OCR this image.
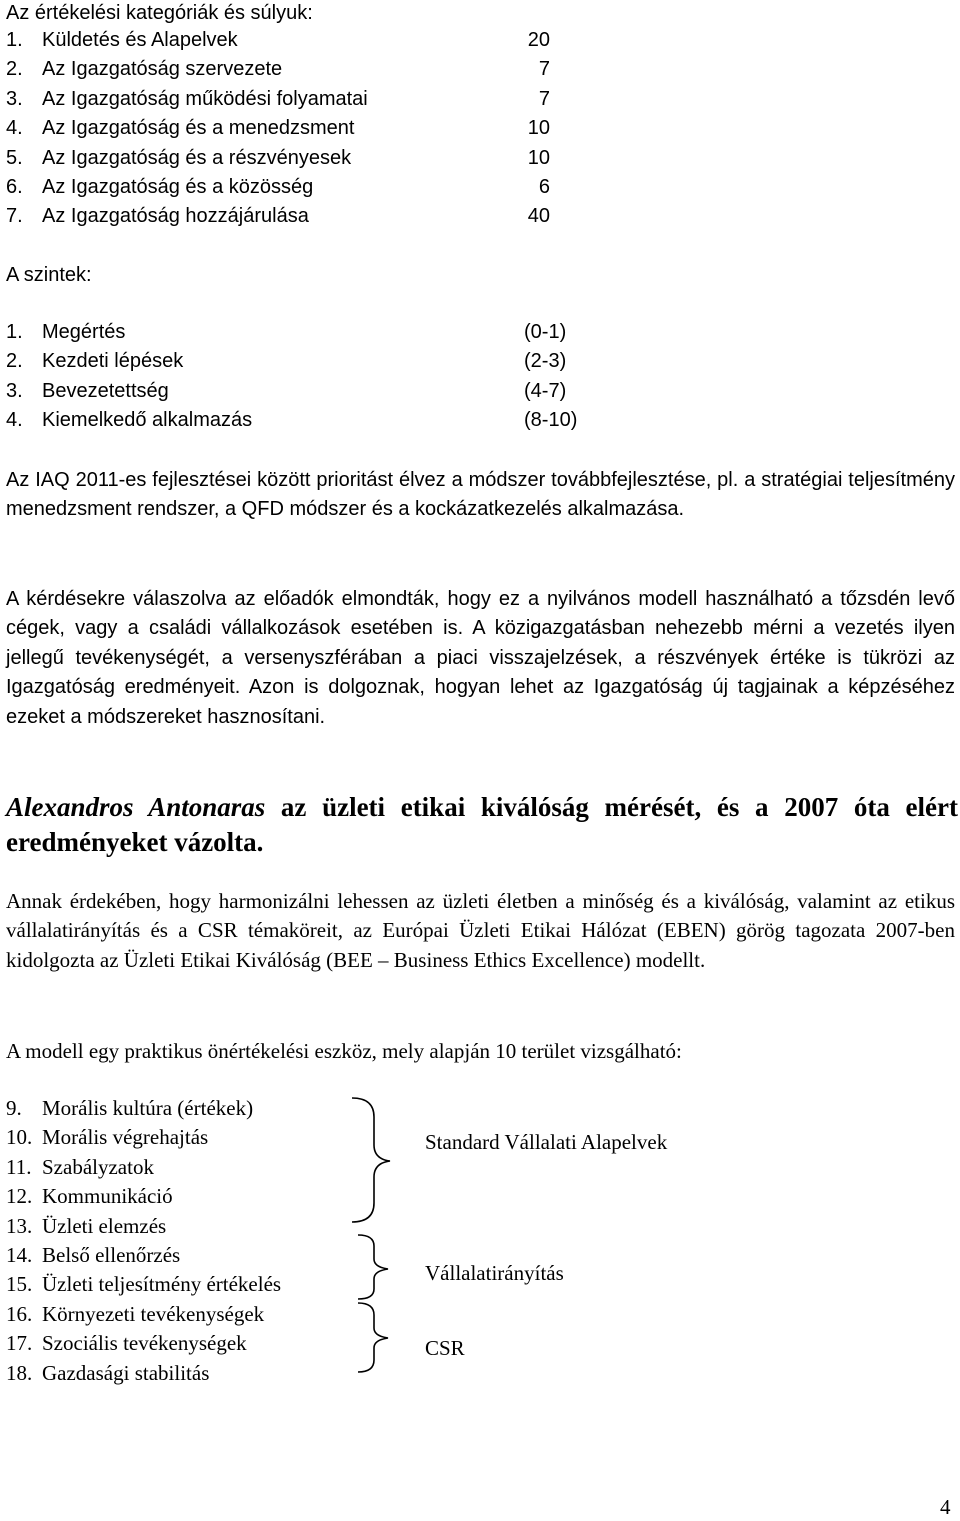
Az értékelési kategóriák és súlyuk:
1. Küldetés és Alapelvek	20
2. Az Igazgatóság szervezete	7
3. Az Igazgatóság működési folyamatai	7
4. Az Igazgatóság és a menedzsment	10
5. Az Igazgatóság és a részvényesek	10
6. Az Igazgatóság és a közösség	6
7. Az Igazgatóság hozzájárulása	40
A szintek:
1. Megértés	(0-1)
2. Kezdeti lépések	(2-3)
3. Bevezetettség	(4-7)
4. Kiemelkedő alkalmazás	(8-10)
Az IAQ 2011-es fejlesztései között prioritást élvez a módszer továbbfejlesztése, pl. a stratégiai teljesítmény menedzsment rendszer, a QFD módszer és a kockázatkezelés alkalmazása.
A kérdésekre válaszolva az előadók elmondták, hogy ez a nyilvános modell használható a tőzsdén levő cégek, vagy a családi vállalkozások esetében is. A közigazgatásban nehezebb mérni a vezetés ilyen jellegű tevékenységét, a versenyszférában a piaci visszajelzések, a részvények értéke is tükrözi az Igazgatóság eredményeit. Azon is dolgoznak, hogyan lehet az Igazgatóság új tagjainak a képzéséhez ezeket a módszereket hasznosítani.
Alexandros Antonaras az üzleti etikai kiválóság mérését, és a 2007 óta elért eredményeket vázolta.
Annak érdekében, hogy harmonizálni lehessen az üzleti életben a minőség és a kiválóság, valamint az etikus vállalatirányítás és a CSR témaköreit, az Európai Üzleti Etikai Hálózat (EBEN) görög tagozata 2007-ben kidolgozta az Üzleti Etikai Kiválóság (BEE – Business Ethics Excellence) modellt.
A modell egy praktikus önértékelési eszköz, mely alapján 10 terület vizsgálható:
9. Morális kultúra (értékek)
10. Morális végrehajtás
11. Szabályzatok
12. Kommunikáció
13. Üzleti elemzés
14. Belső ellenőrzés
15. Üzleti teljesítmény értékelés
16. Környezeti tevékenységek
17. Szociális tevékenységek
18. Gazdasági stabilitás
Standard Vállalati Alapelvek
Vállalatirányítás
CSR
4
